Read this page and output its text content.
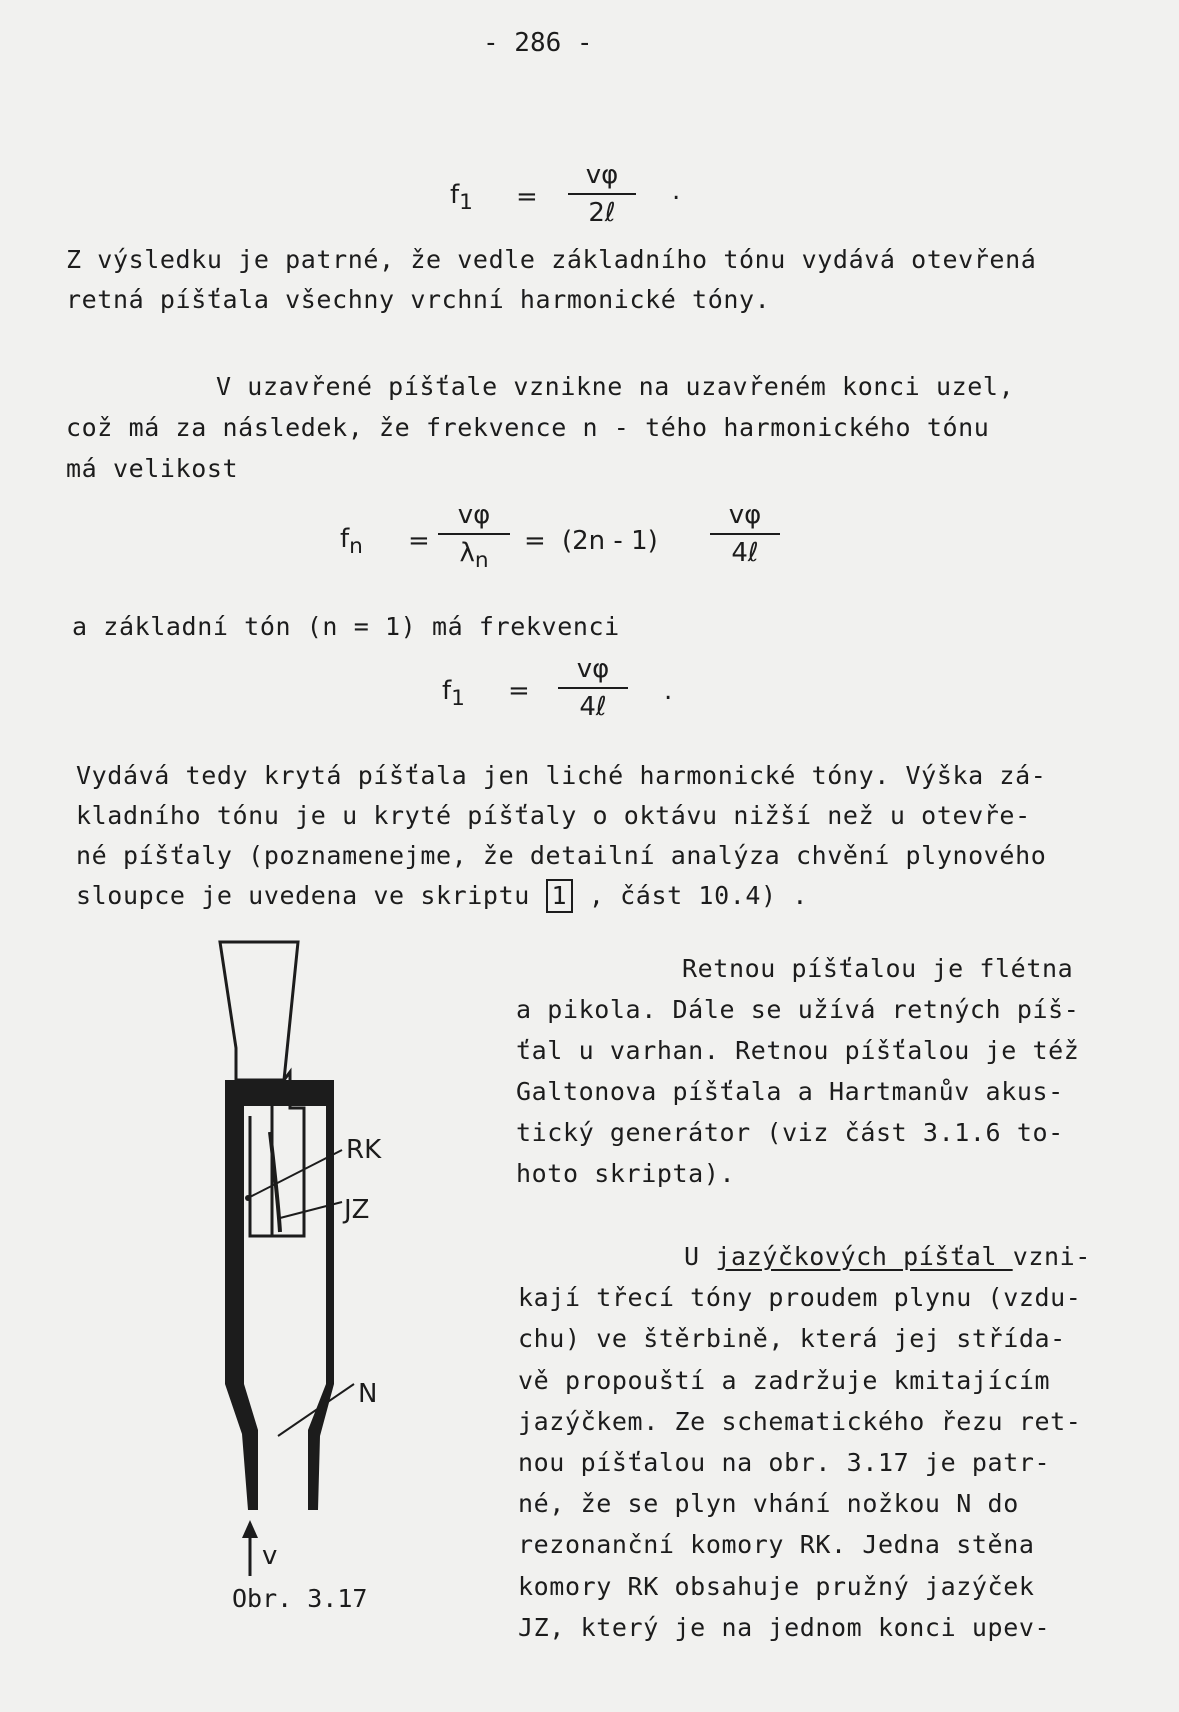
- 286 -
$f_1$ =
vφ
2ℓ
.
Z výsledku je patrné, že vedle základního tónu vydává otevřená
retná píšťala všechny vrchní harmonické tóny.
V uzavřené píšťale vznikne na uzavřeném konci uzel,
což má za následek, že frekvence n - tého harmonického tónu
má velikost
$f_n$ =
vφ
$\lambda_n$
= (2n - 1)
vφ
4ℓ
a základní tón (n = 1) má frekvenci
$f_1$ =
vφ
4ℓ
.
Vydává tedy krytá píšťala jen liché harmonické tóny. Výška zá-
kladního tónu je u kryté píšťaly o oktávu nižší než u otevře-
né píšťaly (poznamenejme, že detailní analýza chvění plynového
sloupce je uvedena ve skriptu 1 , část 10.4) .
RK
JZ
N
v
Obr. 3.17
Retnou píšťalou je flétna
a pikola. Dále se užívá retných píš-
ťal u varhan. Retnou píšťalou je též
Galtonova píšťala a Hartmanův akus-
tický generátor (viz část 3.1.6 to-
hoto skripta).
U jazýčkových píšťal vzni-
kají třecí tóny proudem plynu (vzdu-
chu) ve štěrbině, která jej střída-
vě propouští a zadržuje kmitajícím
jazýčkem. Ze schematického řezu ret-
nou píšťalou na obr. 3.17 je patr-
né, že se plyn vhání nožkou N do
rezonanční komory RK. Jedna stěna
komory RK obsahuje pružný jazýček
JZ, který je na jednom konci upev-
